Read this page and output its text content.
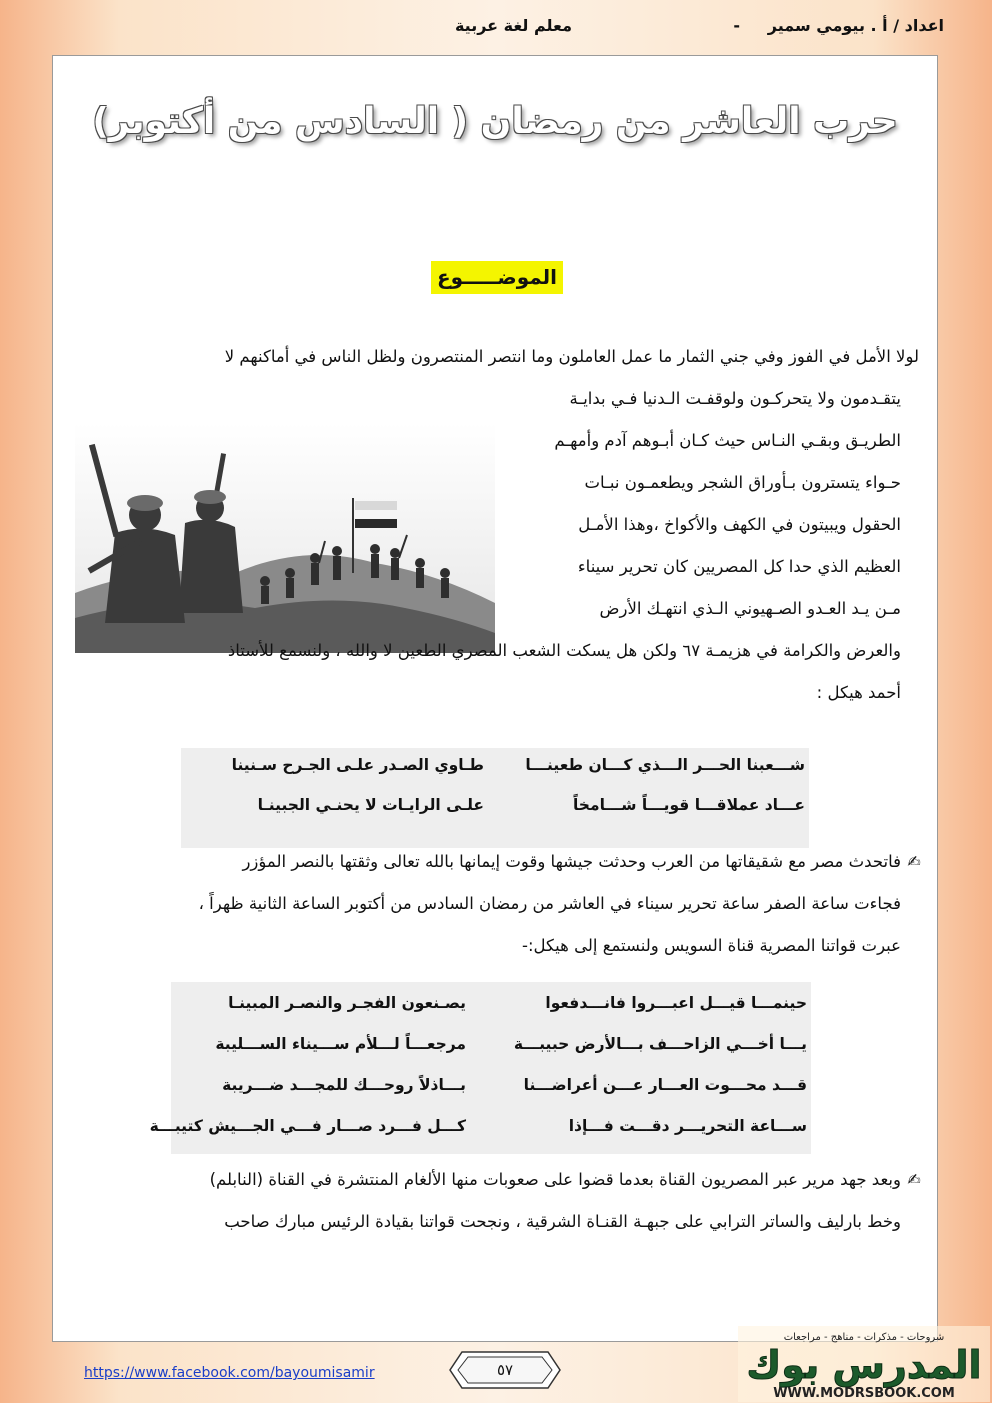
اعداد / أ . بيومي سمير
-
معلم لغة عربية
حرب العاشر من رمضان ( السادس من أكتوبر)
الموضـــــوع
لولا الأمل في الفوز وفي جني الثمار ما عمل العاملون وما انتصر المنتصرون ولظل الناس في أماكنهم لا
يتقـدمون ولا يتحركـون ولوقفـت الـدنيا فـي بدايـة
الطريـق وبقـي النـاس حيث كـان أبـوهم آدم وأمهـم
حـواء يتسترون بـأوراق الشجر ويطعمـون نبـات
الحقول ويبيتون في الكهف والأكواخ ،وهذا الأمـل
العظيم الذي حدا كل المصريين كان تحرير سيناء
مـن يـد العـدو الصـهيوني الـذي انتهـك الأرض
والعرض والكرامة في هزيمـة ٦٧ ولكن هل يسكت الشعب المصري الطعين لا والله ، ولنسمع للأستاذ
أحمد هيكل :
شـــعبنا الحـــر الـــذي كـــان طعينـــا
طـاوي الصـدر علـى الجـرح سـنينا
عـــاد عملاقـــا قويـــاً شـــامخاً
علـى الرايـات لا يحنـي الجبينـا
✍
فاتحدث مصر مع شقيقاتها من العرب وحدثت جيشها وقوت إيمانها بالله تعالى وثقتها بالنصر المؤزر
فجاءت ساعة الصفر ساعة تحرير سيناء في العاشر من رمضان السادس من أكتوبر الساعة الثانية ظهراً ،
عبرت قواتنا المصرية قناة السويس ولنستمع إلى هيكل:-
حينمـــا قيـــل اعبـــروا فانـــدفعوا
يصـنعون الفجـر والنصـر المبينـا
يـــا أخـــي الزاحـــف بـــالأرض حبيبـــة
مرجعـــاً لـــلأم ســـيناء الســـليبة
قـــد محـــوت العـــار عـــن أعراضـــنا
بـــاذلاً روحـــك للمجـــد ضـــريبة
ســـاعة التحريـــر دقـــت فـــإذا
كـــل فـــرد صـــار فـــي الجـــيش كتيبـــة
✍
وبعد جهد مرير عبر المصريون القناة بعدما قضوا على صعوبات منها الألغام المنتشرة في القناة (النابلم)
وخط بارليف والساتر الترابي على جبهـة القنـاة الشرقية ، ونجحت قواتنا بقيادة الرئيس مبارك صاحب
https://www.facebook.com/bayoumisamir	٥٧
شروحات - مذكرات - مناهج - مراجعات
المدرس بوك
WWW.MODRSBOOK.COM
